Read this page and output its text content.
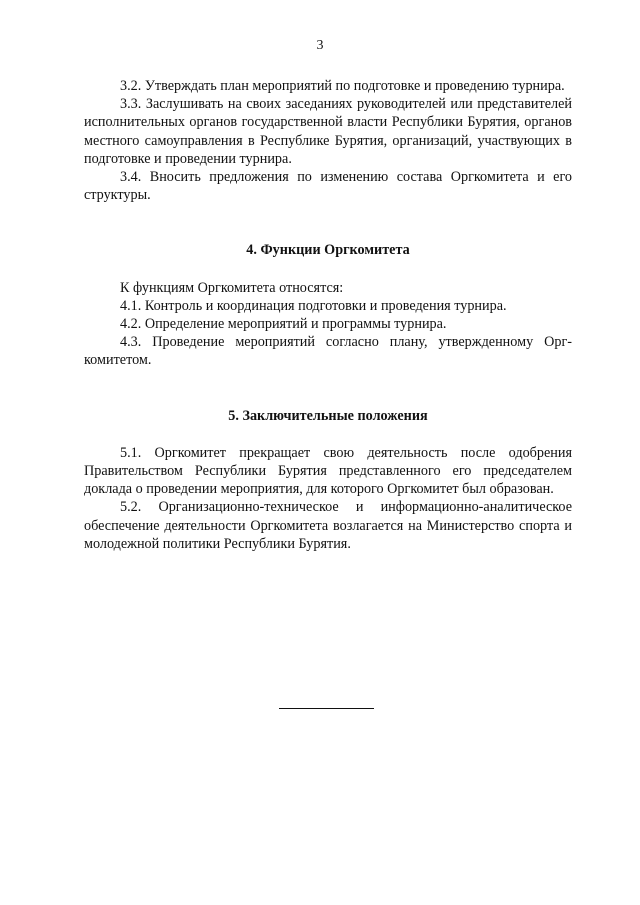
3

3.2. Утверждать план мероприятий по подготовке и проведению турнира.

3.3. Заслушивать на своих заседаниях руководителей или представителей исполнительных органов государственной власти Республики Бурятия, органов местного самоуправления в Республике Бурятия, организаций, участвующих в подготовке и проведении турнира.

3.4. Вносить предложения по изменению состава Оргкомитета и его структуры.

4. Функции Оргкомитета

К функциям Оргкомитета относятся:

4.1. Контроль и координация подготовки и проведения турнира.

4.2. Определение мероприятий и программы турнира.

4.3. Проведение мероприятий согласно плану, утвержденному Оргкомитетом.

5. Заключительные положения

5.1. Оргкомитет прекращает свою деятельность после одобрения Правительством Республики Бурятия представленного его председателем доклада о проведении мероприятия, для которого Оргкомитет был образован.

5.2. Организационно-техническое и информационно-аналитическое обеспечение деятельности Оргкомитета возлагается на Министерство спорта и молодежной политики Республики Бурятия.
